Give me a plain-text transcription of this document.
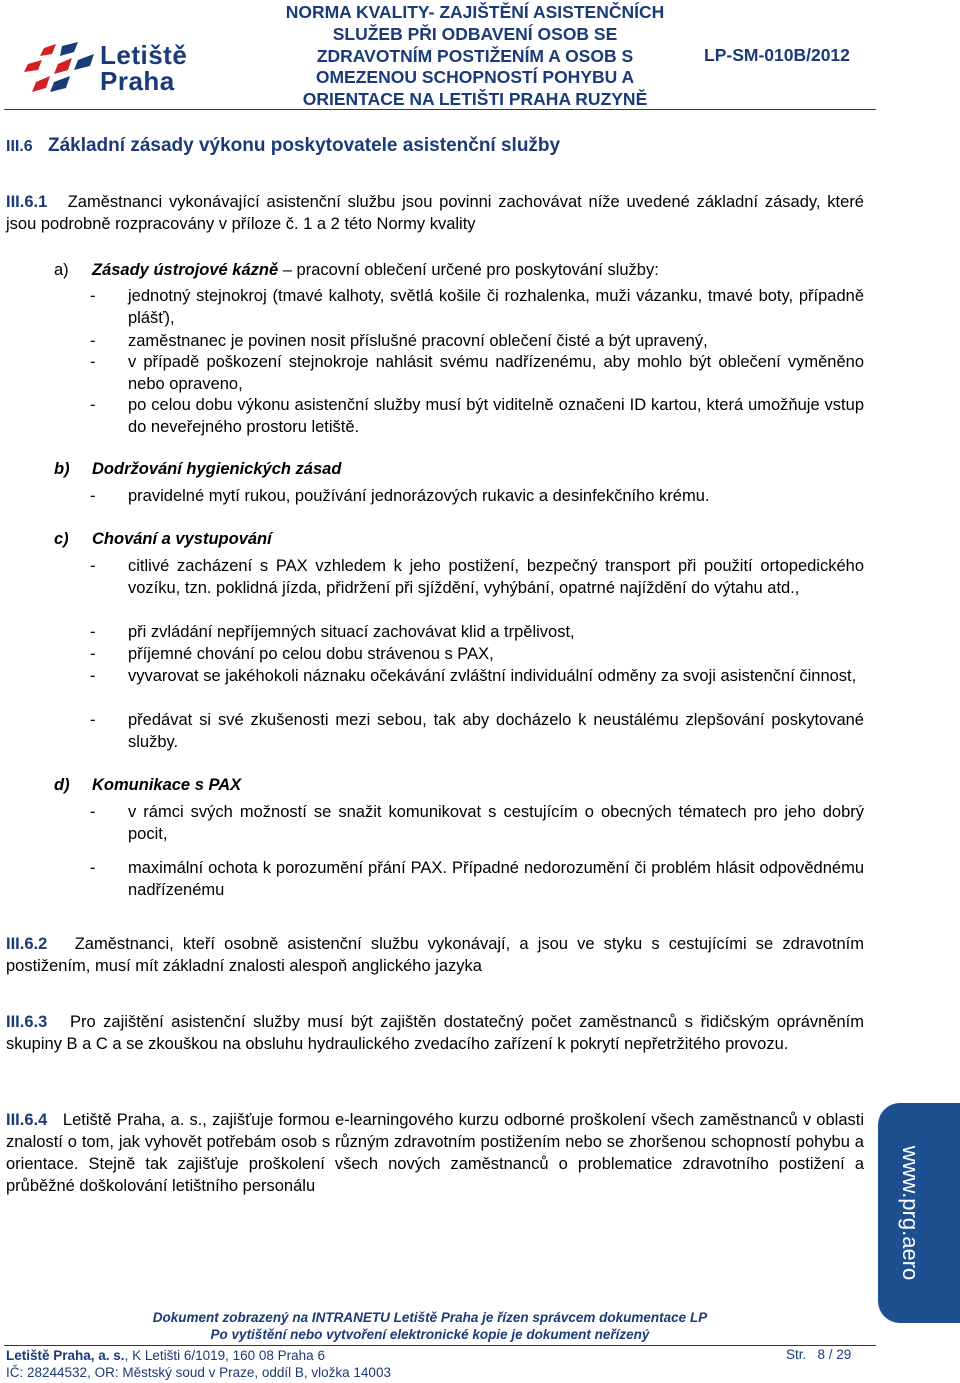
Letiště
Praha
NORMA KVALITY- ZAJIŠTĚNÍ ASISTENČNÍCH
SLUŽEB PŘI ODBAVENÍ OSOB SE
ZDRAVOTNÍM POSTIŽENÍM A OSOB S
OMEZENOU SCHOPNOSTÍ POHYBU A
ORIENTACE NA LETIŠTI PRAHA RUZYNĚ
LP-SM-010B/2012
III.6 Základní zásady výkonu poskytovatele asistenční služby
III.6.1 Zaměstnanci vykonávající asistenční službu jsou povinni zachovávat níže uvedené základní zásady, které jsou podrobně rozpracovány v příloze č. 1 a 2 této Normy kvality
a) Zásady ústrojové kázně – pracovní oblečení určené pro poskytování služby:
- jednotný stejnokroj (tmavé kalhoty, světlá košile či rozhalenka, muži vázanku, tmavé boty, případně plášť),
- zaměstnanec je povinen nosit příslušné pracovní oblečení čisté a být upravený,
- v případě poškození stejnokroje nahlásit svému nadřízenému, aby mohlo být oblečení vyměněno nebo opraveno,
- po celou dobu výkonu asistenční služby musí být viditelně označeni ID kartou, která umožňuje vstup do neveřejného prostoru letiště.
b) Dodržování hygienických zásad
- pravidelné mytí rukou, používání jednorázových rukavic a desinfekčního krému.
c) Chování a vystupování
- citlivé zacházení s PAX vzhledem k jeho postižení, bezpečný transport při použití ortopedického vozíku, tzn. poklidná jízda, přidržení při sjíždění, vyhýbání, opatrné najíždění do výtahu atd.,
- při zvládání nepříjemných situací zachovávat klid a trpělivost,
- příjemné chování po celou dobu strávenou s PAX,
- vyvarovat se jakéhokoli náznaku očekávání zvláštní individuální odměny za svoji asistenční činnost,
- předávat si své zkušenosti mezi sebou, tak aby docházelo k neustálému zlepšování poskytované služby.
d) Komunikace s PAX
- v rámci svých možností se snažit komunikovat s cestujícím o obecných tématech pro jeho dobrý pocit,
- maximální ochota k porozumění přání PAX. Případné nedorozumění či problém hlásit odpovědnému nadřízenému
III.6.2 Zaměstnanci, kteří osobně asistenční službu vykonávají, a jsou ve styku s cestujícími se zdravotním postižením, musí mít základní znalosti alespoň anglického jazyka
III.6.3 Pro zajištění asistenční služby musí být zajištěn dostatečný počet zaměstnanců s řidičským oprávněním skupiny B a C a se zkouškou na obsluhu hydraulického zvedacího zařízení k pokrytí nepřetržitého provozu.
III.6.4 Letiště Praha, a. s., zajišťuje formou e-learningového kurzu odborné proškolení všech zaměstnanců v oblasti znalostí o tom, jak vyhovět potřebám osob s různým zdravotním postižením nebo se zhoršenou schopností pohybu a orientace. Stejně tak zajišťuje proškolení všech nových zaměstnanců o problematice zdravotního postižení a průběžné doškolování letištního personálu	www.prg.aero
Dokument zobrazený na INTRANETU Letiště Praha je řízen správcem dokumentace LP
Po vytištění nebo vytvoření elektronické kopie je dokument neřízený
Letiště Praha, a. s., K Letišti 6/1019, 160 08 Praha 6
IČ: 28244532, OR: Městský soud v Praze, oddíl B, vložka 14003
Str. 8 / 29
